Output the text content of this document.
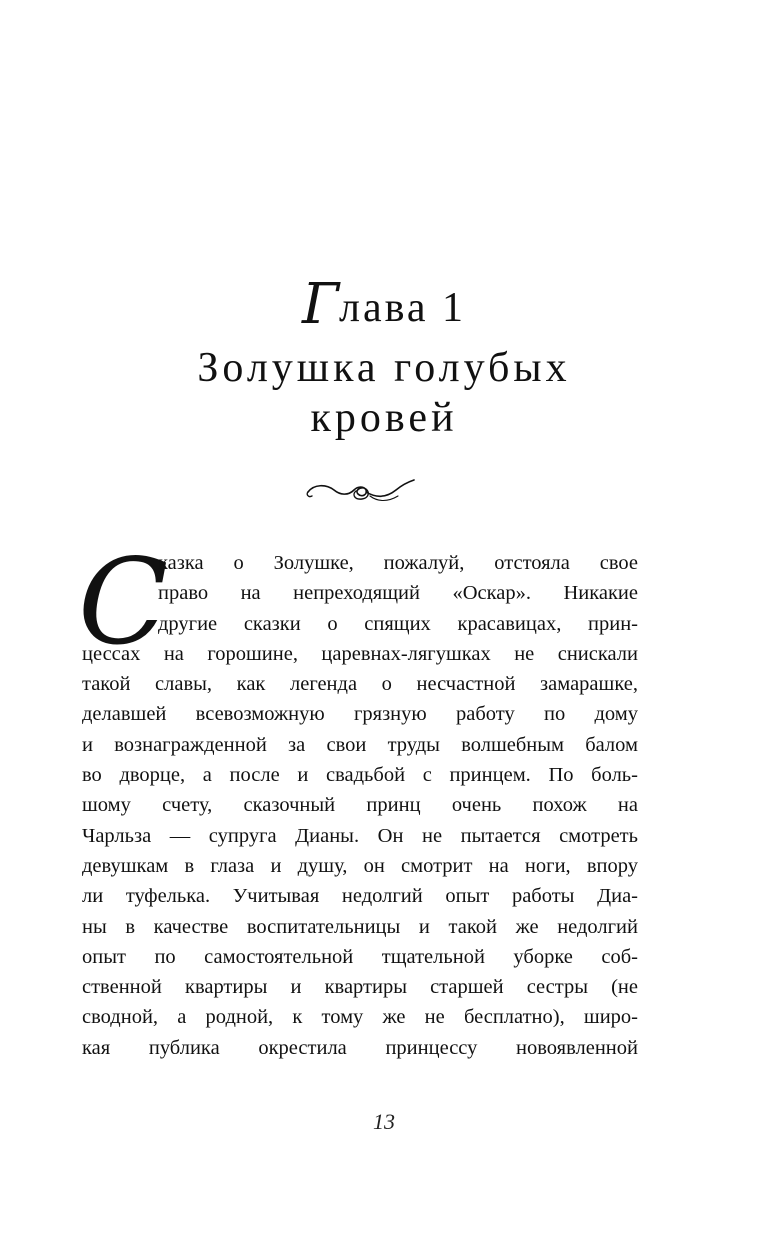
Глава 1
Золушка голубых
кровей
С
казка о Золушке, пожалуй, отстояла свое
право на непреходящий «Оскар». Никакие
другие сказки о спящих красавицах, прин-
цессах на горошине, царевнах-лягушках не снискали
такой славы, как легенда о несчастной замарашке,
делавшей всевозможную грязную работу по дому
и вознагражденной за свои труды волшебным балом
во дворце, а после и свадьбой с принцем. По боль-
шому счету, сказочный принц очень похож на
Чарльза — супруга Дианы. Он не пытается смотреть
девушкам в глаза и душу, он смотрит на ноги, впору
ли туфелька. Учитывая недолгий опыт работы Диа-
ны в качестве воспитательницы и такой же недолгий
опыт по самостоятельной тщательной уборке соб-
ственной квартиры и квартиры старшей сестры (не
сводной, а родной, к тому же не бесплатно), широ-
кая публика окрестила принцессу новоявленной
13
